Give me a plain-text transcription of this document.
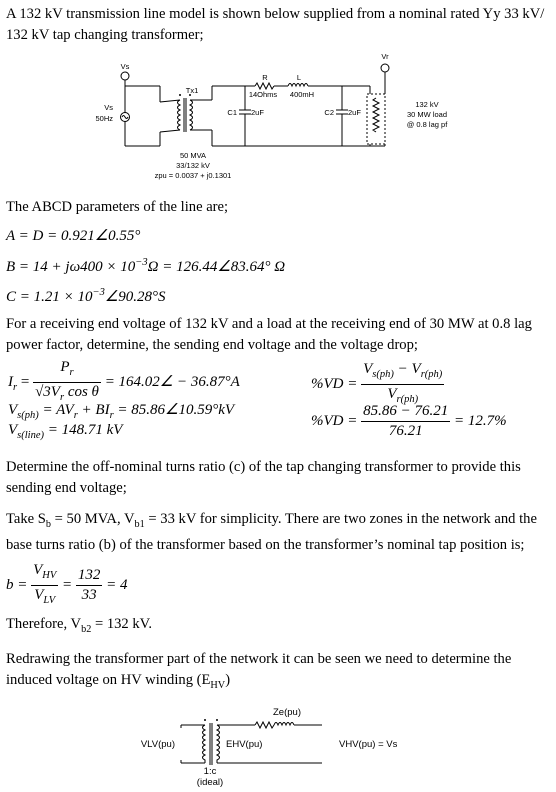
A 132 kV transmission line model is shown below supplied from a nominal rated Yy 33 kV/ 132 kV tap changing transformer;

Vs
Vs
50Hz
Tx1
R
14Ohms
L
400mH
C1 2uF	C2 2uF
Vr
132 kV
30 MW load
@ 0.8 lag pf
50 MVA
33/132 kV
zpu = 0.0037 + j0.1301

The ABCD parameters of the line are;

A = D = 0.921∠0.55°
$B = 14 + j\omega 400 \times 10^{-3}\Omega$ = 126.44∠83.64° Ω
$C = 1.21 \times 10^{-3}\angle 90.28^\circ S$

For a receiving end voltage of 132 kV and a load at the receiving end of 30 MW at 0.8 lag power factor, determine, the sending end voltage and the voltage drop;

$I_r = \frac{P_r}{√3V_r \cos \theta}$ = 164.02∠ − 36.87°A
$V_{s(ph)} = AV_r + BI_r$ = 85.86∠10.59°kV
$V_{s(line)} = 148.71$ kV
$\%VD = \frac{V_{s(ph)} - V_{r(ph)}}{V_{r(ph)}}$
$\%VD = \frac{85.86 - 76.21}{76.21} = 12.7\%$

Determine the off-nominal turns ratio (c) of the tap changing transformer to provide this sending end voltage;

Take $S_b = 50$ MVA, $V_{b1} = 33$ kV for simplicity. There are two zones in the network and the base turns ratio (b) of the transformer based on the transformer’s nominal tap position is;

$b = \frac{V_{HV}}{V_{LV}} = \frac{132}{33} = 4$

Therefore, $V_{b2} = 132$ kV.

Redrawing the transformer part of the network it can be seen we need to determine the induced voltage on HV winding $(E_{HV})$

Ze(pu)
VLV(pu)	EHV(pu)	VHV(pu) = Vs
1:c
(ideal)
